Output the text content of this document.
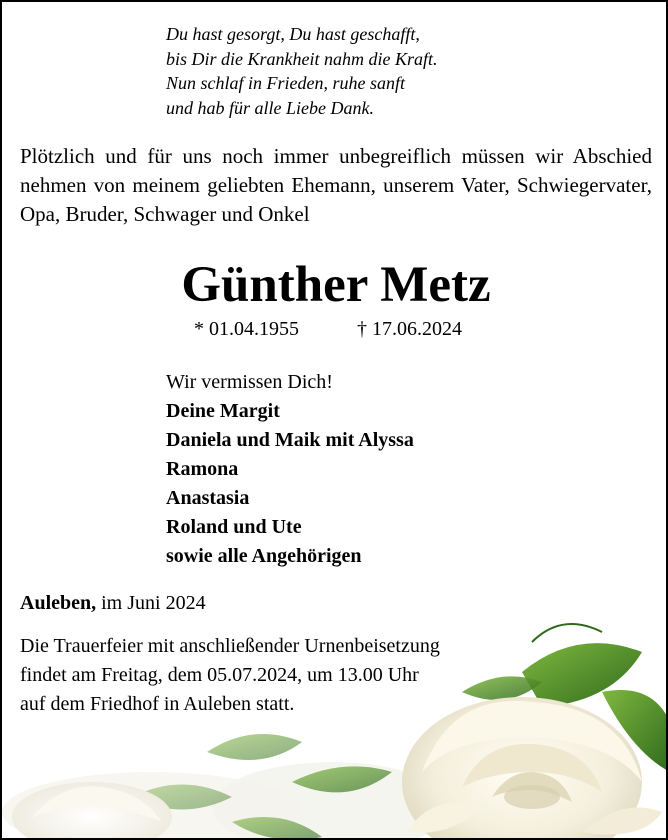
Du hast gesorgt, Du hast geschafft,
bis Dir die Krankheit nahm die Kraft.
Nun schlaf in Frieden, ruhe sanft
und hab für alle Liebe Dank.
Plötzlich und für uns noch immer unbegreiflich müssen wir Abschied nehmen von meinem geliebten Ehemann, unserem Vater, Schwiegervater, Opa, Bruder, Schwager und Onkel
Günther Metz
* 01.04.1955	† 17.06.2024
Wir vermissen Dich!
Deine Margit
Daniela und Maik mit Alyssa
Ramona
Anastasia
Roland und Ute
sowie alle Angehörigen
Auleben, im Juni 2024
Die Trauerfeier mit anschließender Urnenbeisetzung
findet am Freitag, dem 05.07.2024, um 13.00 Uhr
auf dem Friedhof in Auleben statt.
